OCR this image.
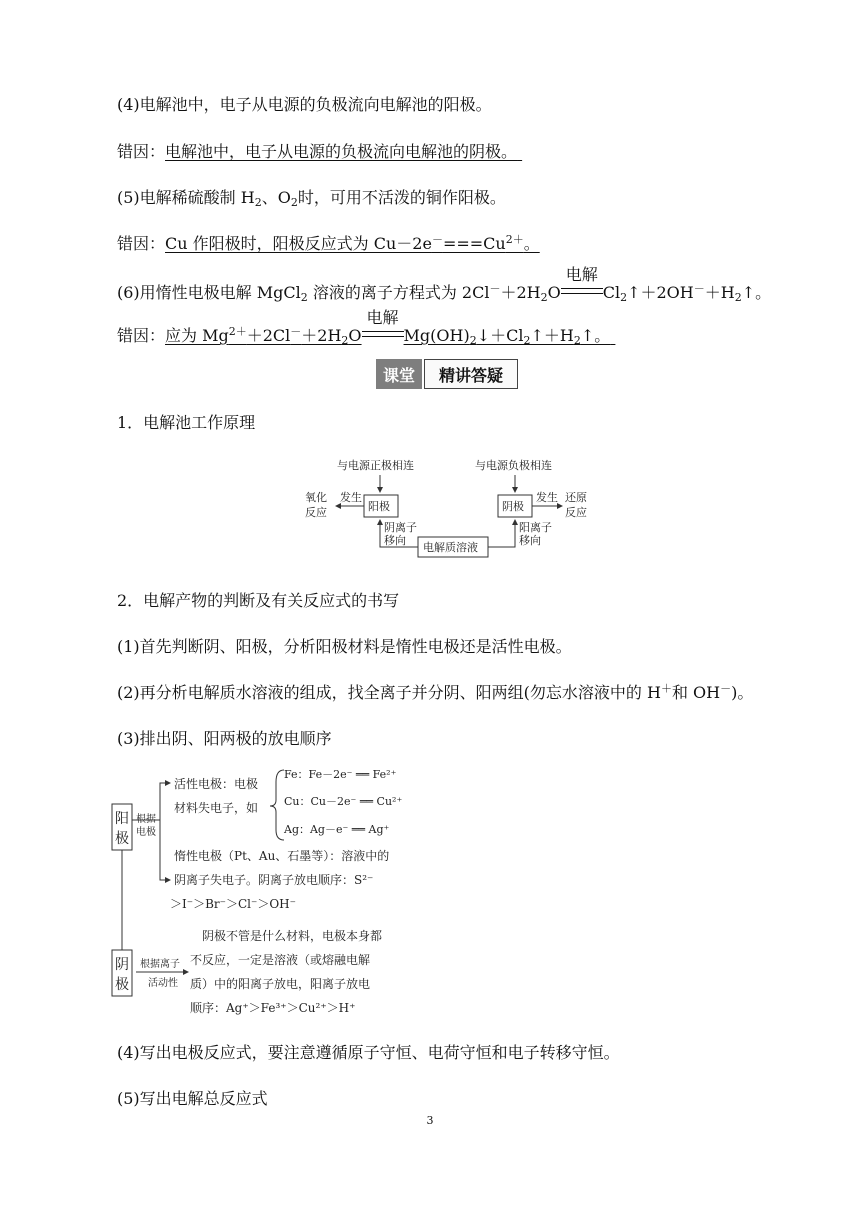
(4)电解池中，电子从电源的负极流向电解池的阳极。
错因：电解池中，电子从电源的负极流向电解池的阴极。
(5)电解稀硫酸制 $H_2$、$O_2$时，可用不活泼的铜作阳极。
错因：Cu 作阳极时，阳极反应式为 $Cu-2e^-===Cu^{2+}$。
(6)用惰性电极电解 MgCl$_2$ 溶液的离子方程式为 $2Cl^-+2H_2O$
电解
$Cl_2↑+2OH^-+H_2↑$。
错因：应为 $Mg^{2+}+2Cl^-+2H_2O$
电解
$Mg(OH)_2↓+Cl_2↑+H_2↑$。
课堂	精讲答疑
1．电解池工作原理
与电源正极相连	与电源负极相连
阳极	阴极
发生
氧化
反应
发生 还原
反应
电解质溶液
阴离子
移向
阳离子
移向
2．电解产物的判断及有关反应式的书写
(1)首先判断阴、阳极，分析阳极材料是惰性电极还是活性电极。
(2)再分析电解质水溶液的组成，找全离子并分阴、阳两组(勿忘水溶液中的 H＋和 OH－)。
(3)排出阴、阳两极的放电顺序
阳
极
根据
电极
活性电极：电极
材料失电子，如
Fe：Fe－2e⁻ ══ Fe²⁺
Cu：Cu－2e⁻ ══ Cu²⁺
Ag：Ag－e⁻ ══ Ag⁺
惰性电极（Pt、Au、石墨等）：溶液中的
阴离子失电子。阴离子放电顺序：S²⁻
＞I⁻＞Br⁻＞Cl⁻＞OH⁻
阴
极
根据离子
活动性
阴极不管是什么材料，电极本身都
不反应，一定是溶液（或熔融电解
质）中的阳离子放电，阳离子放电
顺序：Ag⁺＞Fe³⁺＞Cu²⁺＞H⁺
(4)写出电极反应式，要注意遵循原子守恒、电荷守恒和电子转移守恒。
(5)写出电解总反应式
3
